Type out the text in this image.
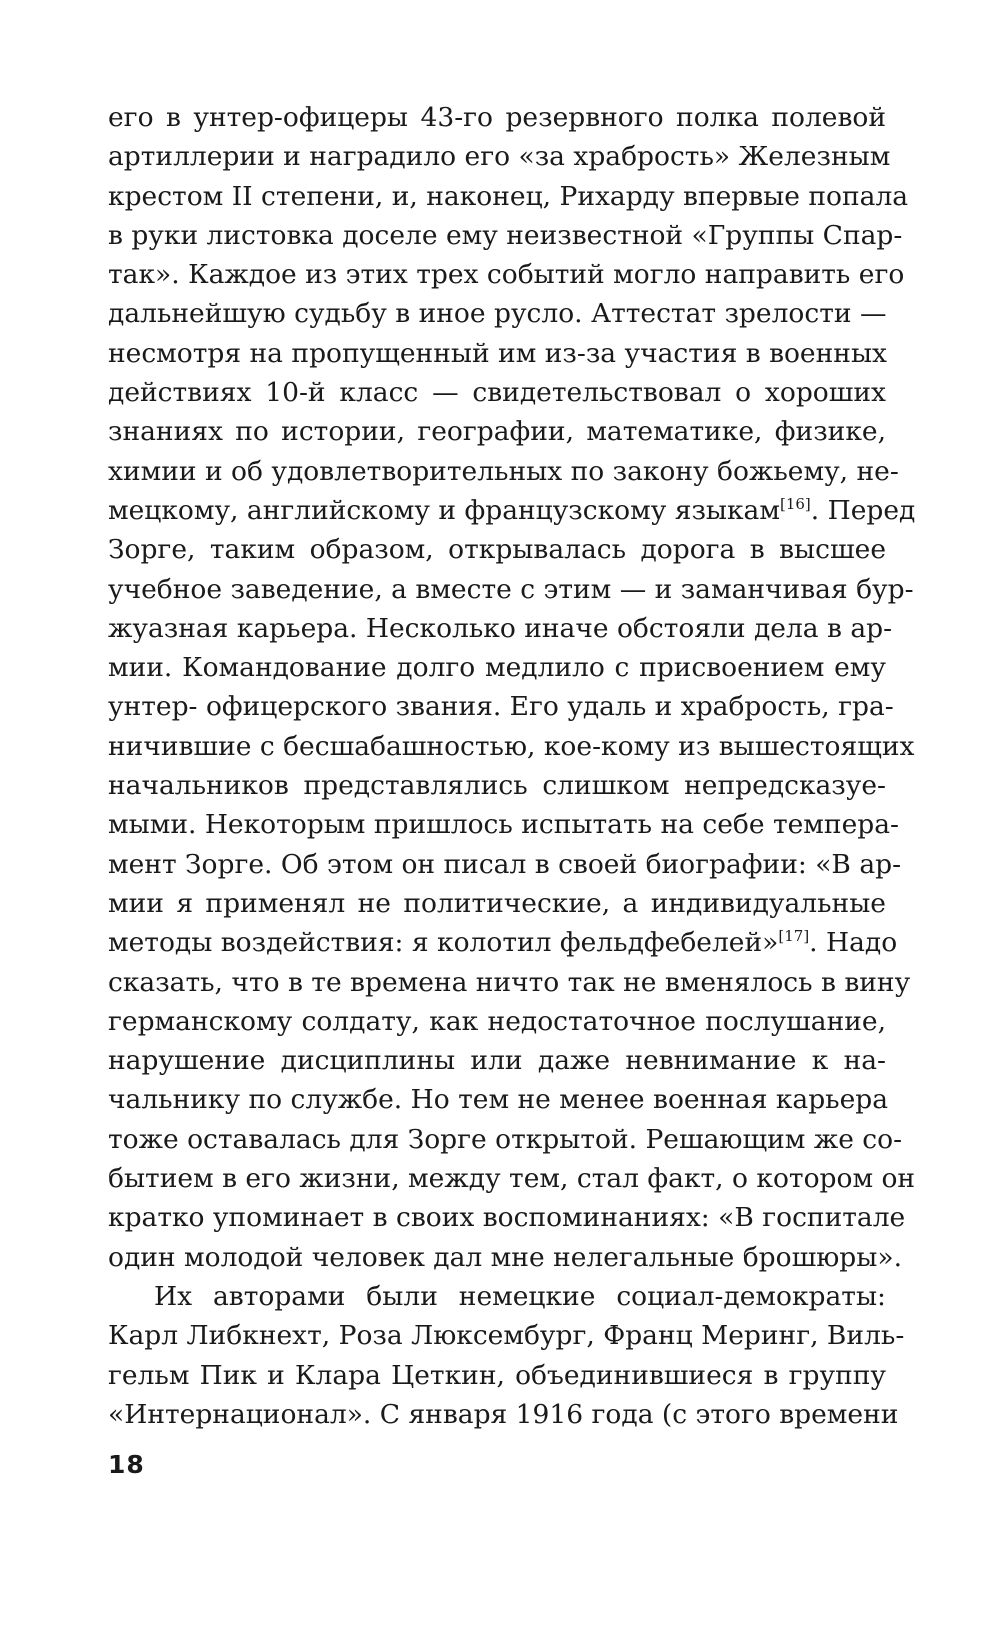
его в унтер-офицеры 43-го резервного полка полевой
артиллерии и наградило его «за храбрость» Железным
крестом II степени, и, наконец, Рихарду впервые попала
в руки листовка доселе ему неизвестной «Группы Спар-
так». Каждое из этих трех событий могло направить его
дальнейшую судьбу в иное русло. Аттестат зрелости —
несмотря на пропущенный им из-за участия в военных
действиях 10-й класс — свидетельствовал о хороших
знаниях по истории, географии, математике, физике,
химии и об удовлетворительных по закону божьему, не-
мецкому, английскому и французскому языкам[16]. Перед
Зорге, таким образом, открывалась дорога в высшее
учебное заведение, а вместе с этим — и заманчивая бур-
жуазная карьера. Несколько иначе обстояли дела в ар-
мии. Командование долго медлило с присвоением ему
унтер- офицерского звания. Его удаль и храбрость, гра-
ничившие с бесшабашностью, кое-кому из вышестоящих
начальников представлялись слишком непредсказуе-
мыми. Некоторым пришлось испытать на себе темпера-
мент Зорге. Об этом он писал в своей биографии: «В ар-
мии я применял не политические, а индивидуальные
методы воздействия: я колотил фельдфебелей»[17]. Надо
сказать, что в те времена ничто так не вменялось в вину
германскому солдату, как недостаточное послушание,
нарушение дисциплины или даже невнимание к на-
чальнику по службе. Но тем не менее военная карьера
тоже оставалась для Зорге открытой. Решающим же со-
бытием в его жизни, между тем, стал факт, о котором он
кратко упоминает в своих воспоминаниях: «В госпитале
один молодой человек дал мне нелегальные брошюры».
Их авторами были немецкие социал-демократы:
Карл Либкнехт, Роза Люксембург, Франц Меринг, Виль-
гельм Пик и Клара Цеткин, объединившиеся в группу
«Интернационал». С января 1916 года (с этого времени
18
